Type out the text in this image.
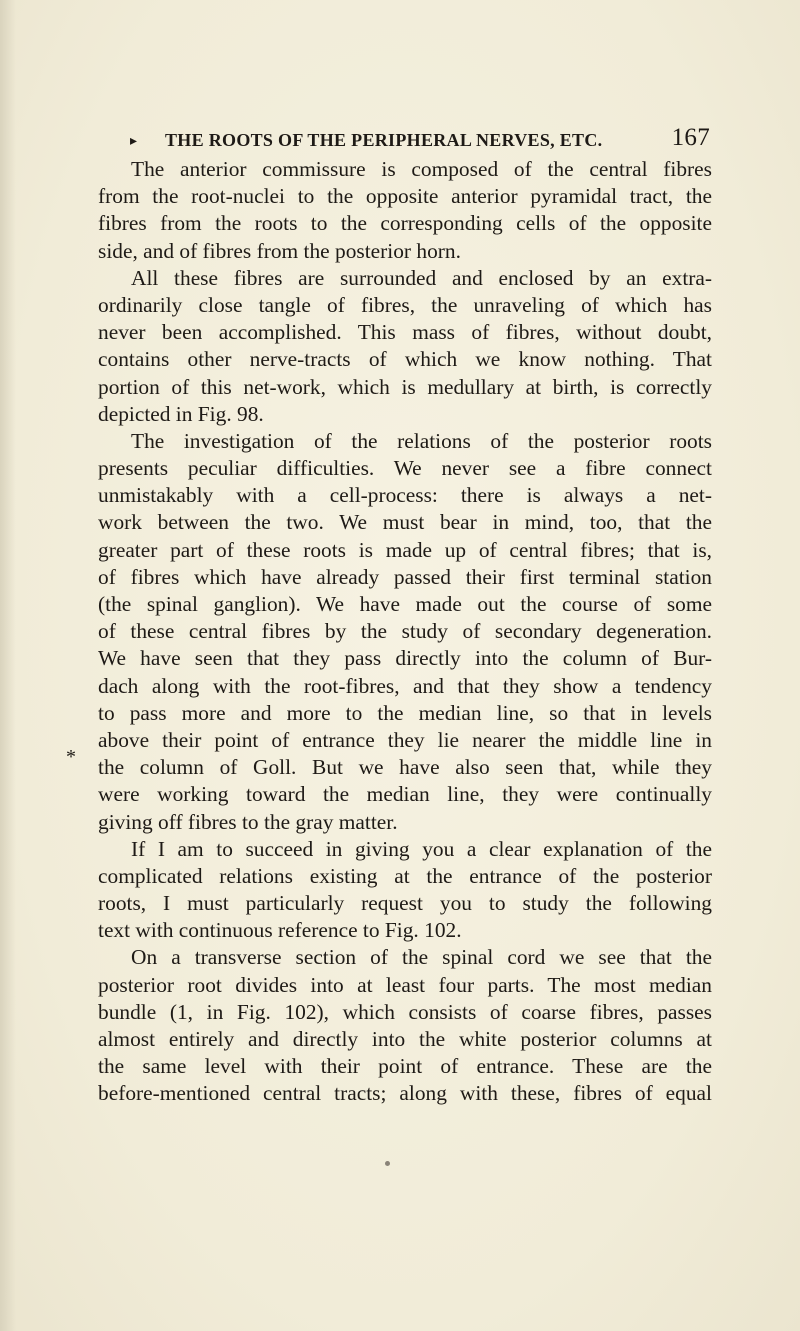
▸ THE ROOTS OF THE PERIPHERAL NERVES, ETC.	167
*
The anterior commissure is composed of the central fibres
from the root-nuclei to the opposite anterior pyramidal tract, the
fibres from the roots to the corresponding cells of the opposite
side, and of fibres from the posterior horn.
All these fibres are surrounded and enclosed by an extra-
ordinarily close tangle of fibres, the unraveling of which has
never been accomplished. This mass of fibres, without doubt,
contains other nerve-tracts of which we know nothing. That
portion of this net-work, which is medullary at birth, is correctly
depicted in Fig. 98.
The investigation of the relations of the posterior roots
presents peculiar difficulties. We never see a fibre connect
unmistakably with a cell-process: there is always a net-
work between the two. We must bear in mind, too, that the
greater part of these roots is made up of central fibres; that is,
of fibres which have already passed their first terminal station
(the spinal ganglion). We have made out the course of some
of these central fibres by the study of secondary degeneration.
We have seen that they pass directly into the column of Bur-
dach along with the root-fibres, and that they show a tendency
to pass more and more to the median line, so that in levels
above their point of entrance they lie nearer the middle line in
the column of Goll. But we have also seen that, while they
were working toward the median line, they were continually
giving off fibres to the gray matter.
If I am to succeed in giving you a clear explanation of the
complicated relations existing at the entrance of the posterior
roots, I must particularly request you to study the following
text with continuous reference to Fig. 102.
On a transverse section of the spinal cord we see that the
posterior root divides into at least four parts. The most median
bundle (1, in Fig. 102), which consists of coarse fibres, passes
almost entirely and directly into the white posterior columns at
the same level with their point of entrance. These are the
before-mentioned central tracts; along with these, fibres of equal
